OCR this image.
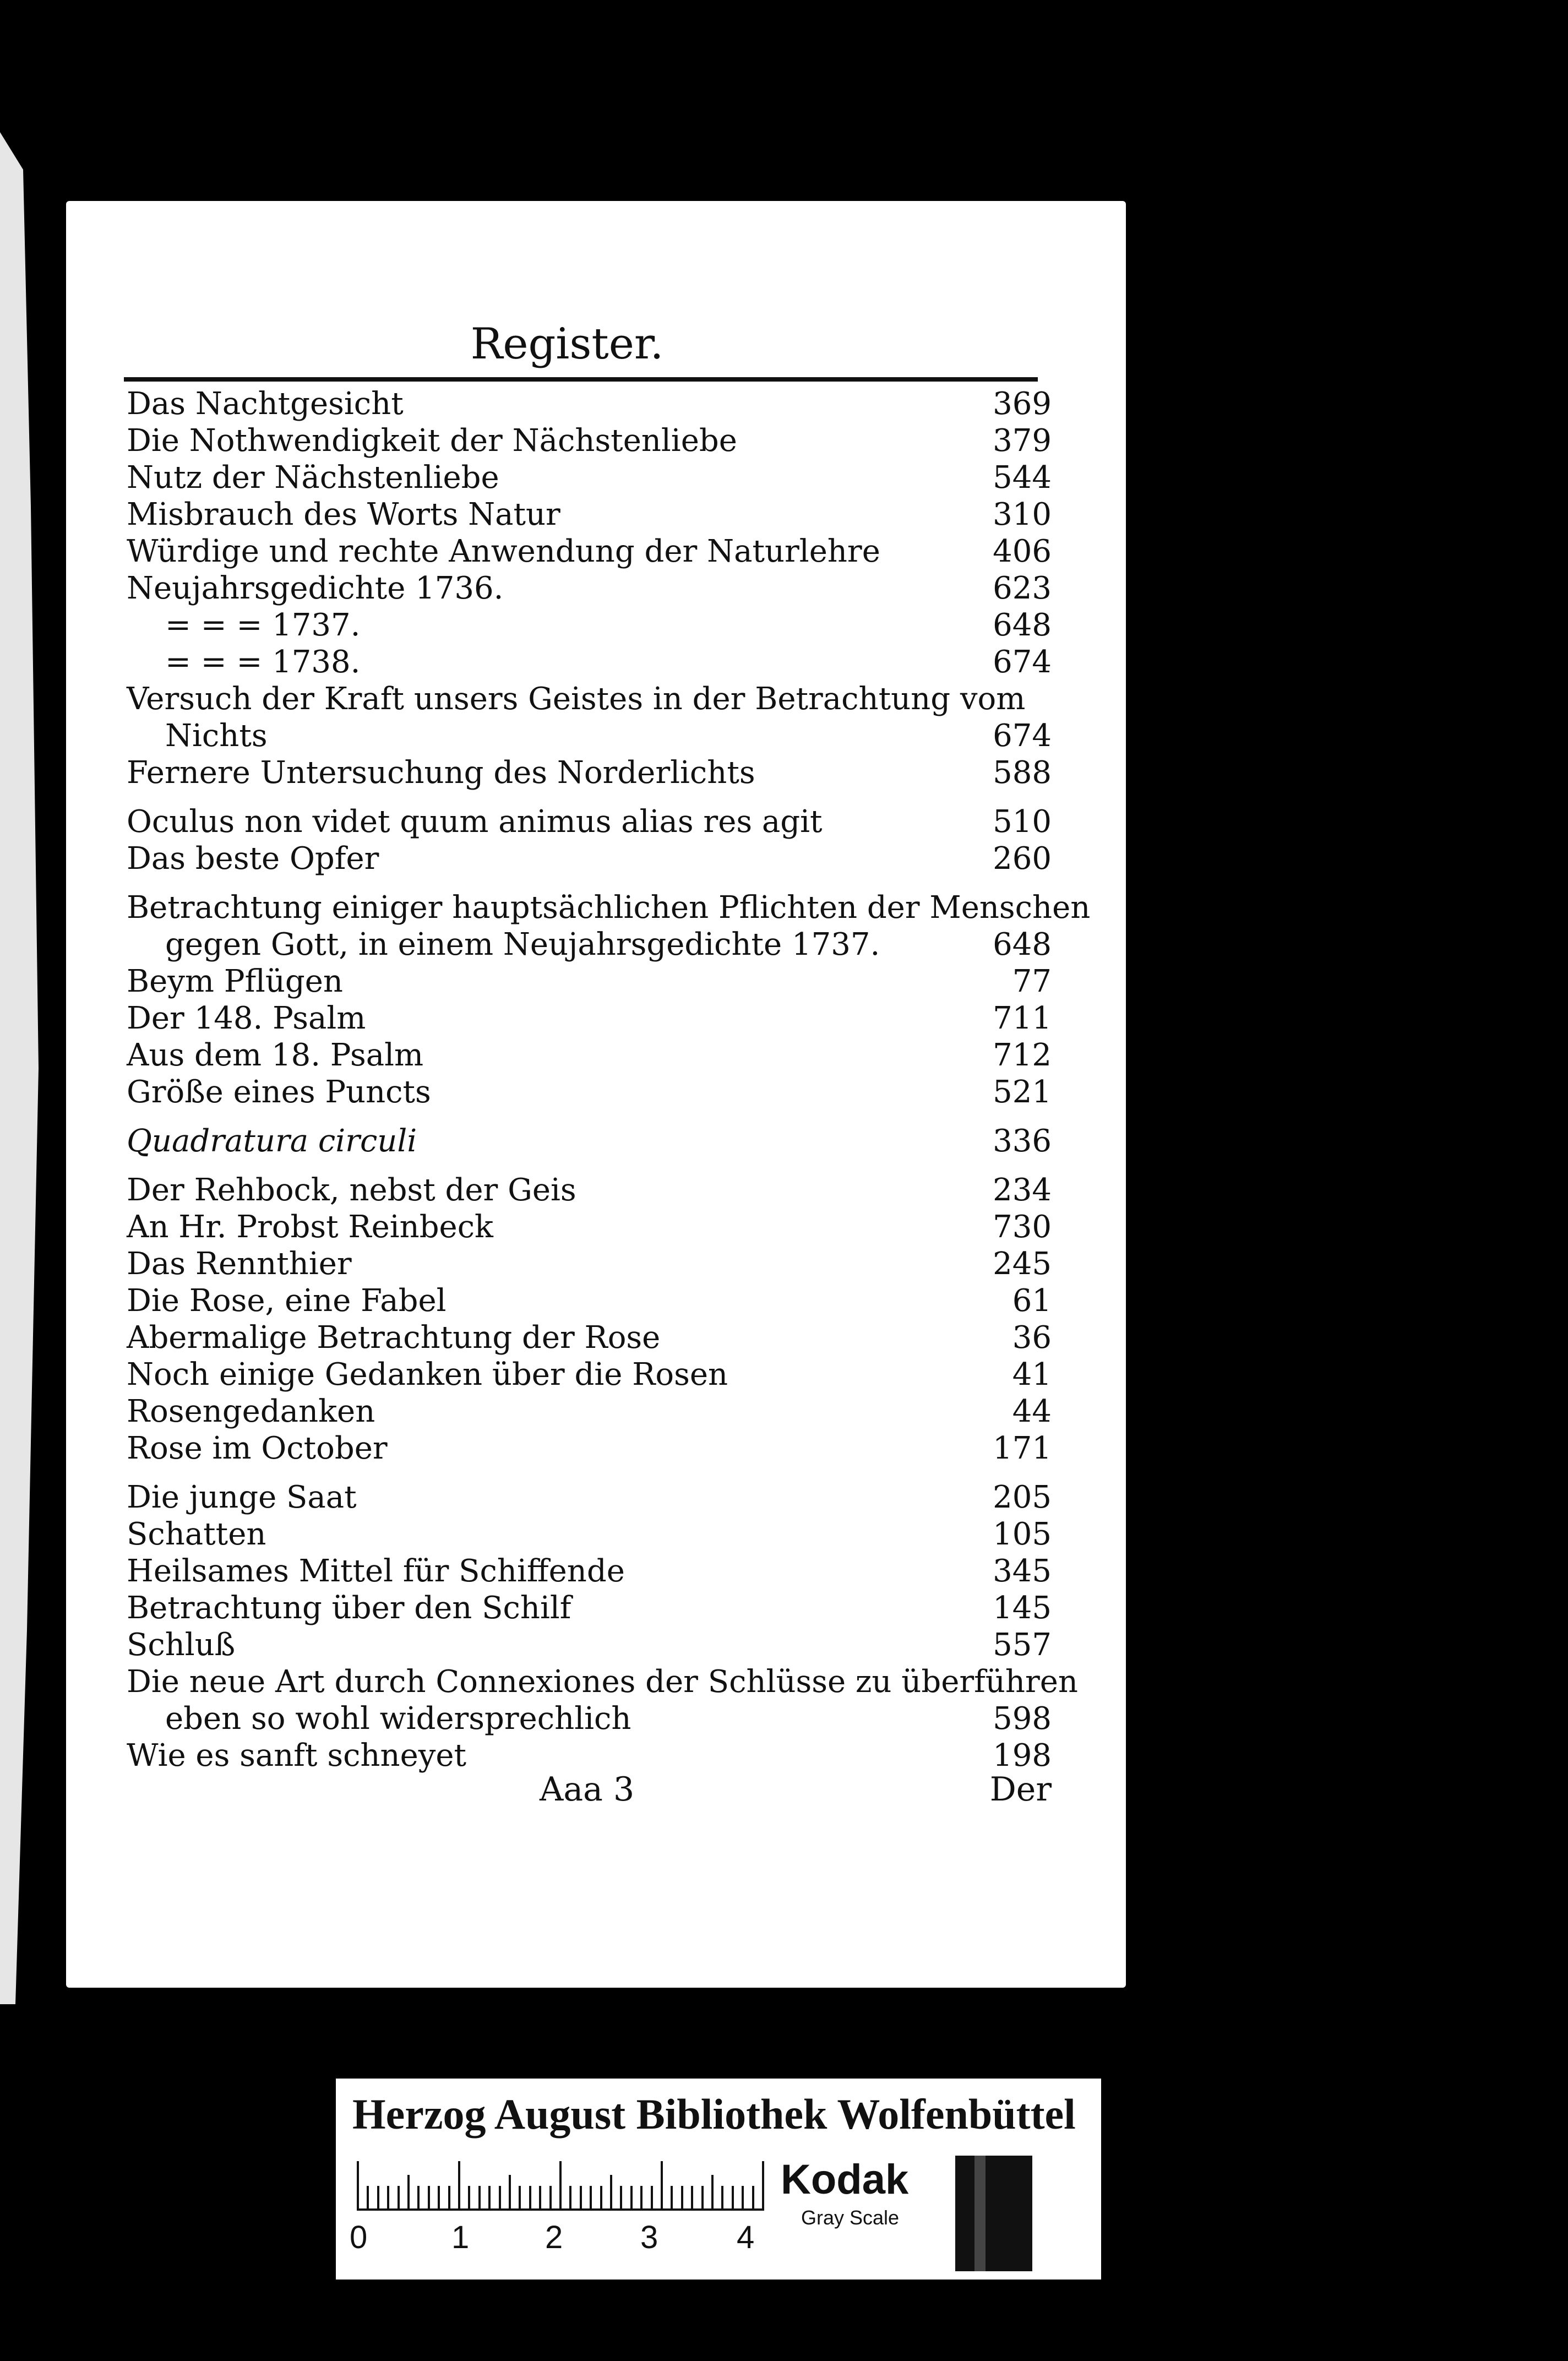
Register.
Das Nachtgesicht	369
Die Nothwendigkeit der Nächstenliebe	379
Nutz der Nächstenliebe	544
Misbrauch des Worts Natur	310
Würdige und rechte Anwendung der Naturlehre	406
Neujahrsgedichte 1736.	623
= = = 1737.	648
= = = 1738.	674
Versuch der Kraft unsers Geistes in der Betrachtung vom
Nichts	674
Fernere Untersuchung des Norderlichts	588
Oculus non videt quum animus alias res agit	510
Das beste Opfer	260
Betrachtung einiger hauptsächlichen Pflichten der Menschen
gegen Gott, in einem Neujahrsgedichte 1737.	648
Beym Pflügen	77
Der 148. Psalm	711
Aus dem 18. Psalm	712
Größe eines Puncts	521
Quadratura circuli	336
Der Rehbock, nebst der Geis	234
An Hr. Probst Reinbeck	730
Das Rennthier	245
Die Rose, eine Fabel	61
Abermalige Betrachtung der Rose	36
Noch einige Gedanken über die Rosen	41
Rosengedanken	44
Rose im October	171
Die junge Saat	205
Schatten	105
Heilsames Mittel für Schiffende	345
Betrachtung über den Schilf	145
Schluß	557
Die neue Art durch Connexiones der Schlüsse zu überführen
eben so wohl widersprechlich	598
Wie es sanft schneyet	198
Aaa 3	Der
Herzog August Bibliothek Wolfenbüttel
0	1 2 3 4
Kodak
Gray Scale
